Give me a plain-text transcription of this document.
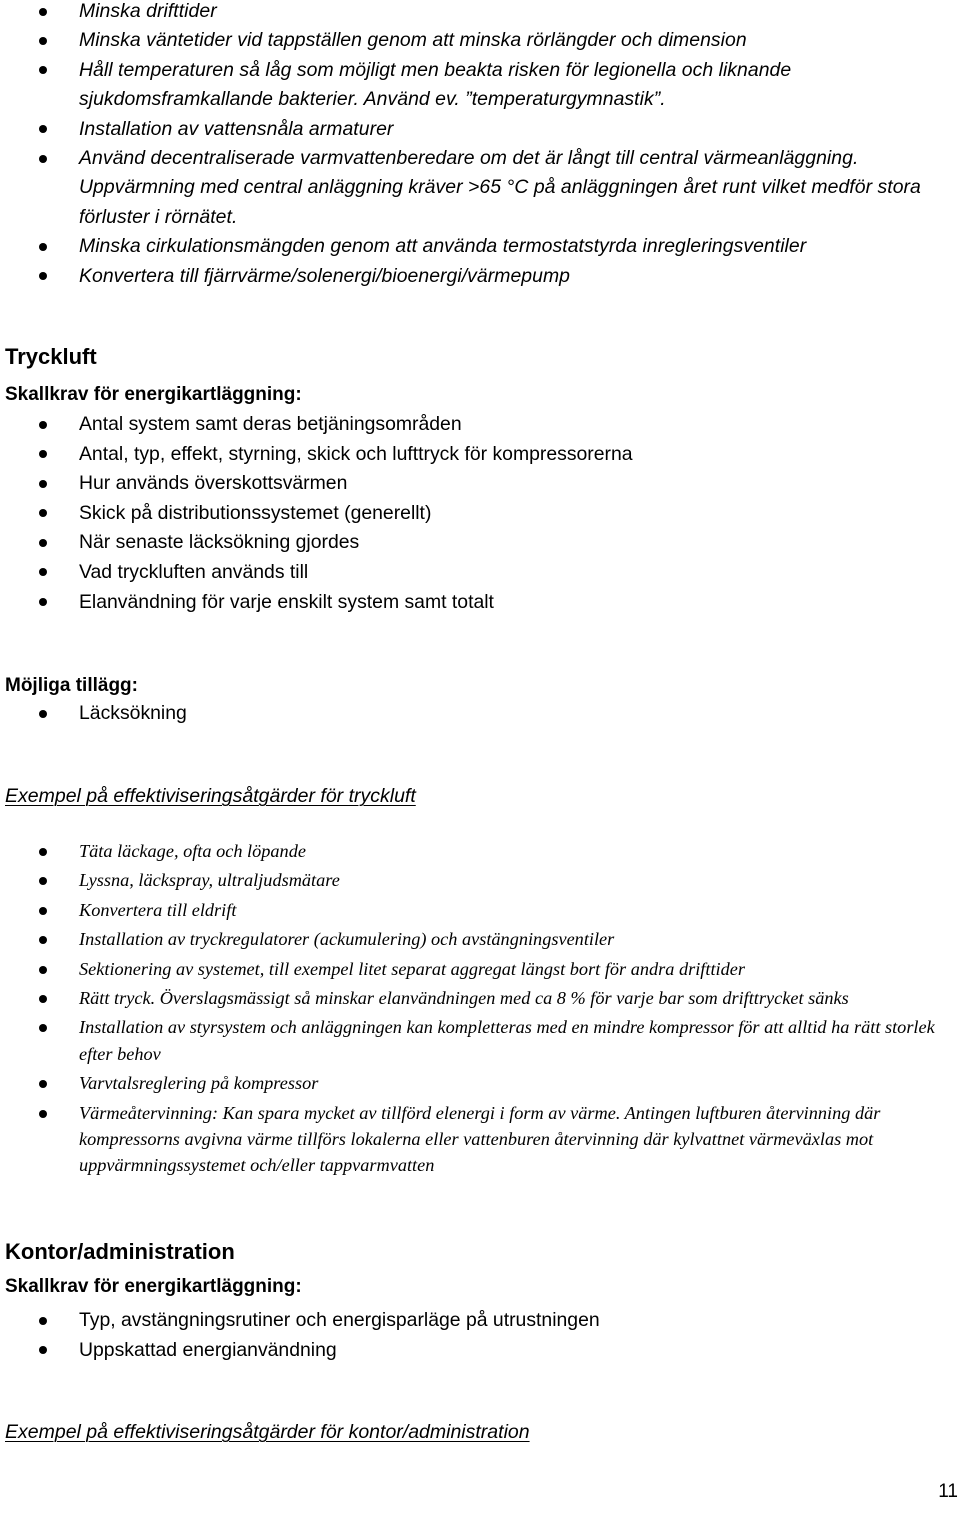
Minska drifttider
Minska väntetider vid tappställen genom att minska rörlängder och dimension
Håll temperaturen så låg som möjligt men beakta risken för legionella och liknande sjukdomsframkallande bakterier. Använd ev. ”temperaturgymnastik”.
Installation av vattensnåla armaturer
Använd decentraliserade varmvattenberedare om det är långt till central värmeanläggning. Uppvärmning med central anläggning kräver >65 °C på anläggningen året runt vilket medför stora förluster i rörnätet.
Minska cirkulationsmängden genom att använda termostatstyrda inregleringsventiler
Konvertera till fjärrvärme/solenergi/bioenergi/värmepump
Tryckluft
Skallkrav för energikartläggning:
Antal system samt deras betjäningsområden
Antal, typ, effekt, styrning, skick och lufttryck för kompressorerna
Hur används överskottsvärmen
Skick på distributionssystemet (generellt)
När senaste läcksökning gjordes
Vad tryckluften används till
Elanvändning för varje enskilt system samt totalt
Möjliga tillägg:
Läcksökning
Exempel på effektiviseringsåtgärder för tryckluft
Täta läckage, ofta och löpande
Lyssna, läckspray, ultraljudsmätare
Konvertera till eldrift
Installation av tryckregulatorer (ackumulering) och avstängningsventiler
Sektionering av systemet, till exempel litet separat aggregat längst bort för andra drifttider
Rätt tryck. Överslagsmässigt så minskar elanvändningen med ca 8 % för varje bar som drifttrycket sänks
Installation av styrsystem och anläggningen kan kompletteras med en mindre kompressor för att alltid ha rätt storlek efter behov
Varvtalsreglering på kompressor
Värmeåtervinning: Kan spara mycket av tillförd elenergi i form av värme. Antingen luftburen återvinning där kompressorns avgivna värme tillförs lokalerna eller vattenburen återvinning där kylvattnet värmeväxlas mot uppvärmningssystemet och/eller tappvarmvatten
Kontor/administration
Skallkrav för energikartläggning:
Typ, avstängningsrutiner och energisparläge på utrustningen
Uppskattad energianvändning
Exempel på effektiviseringsåtgärder för kontor/administration
11
